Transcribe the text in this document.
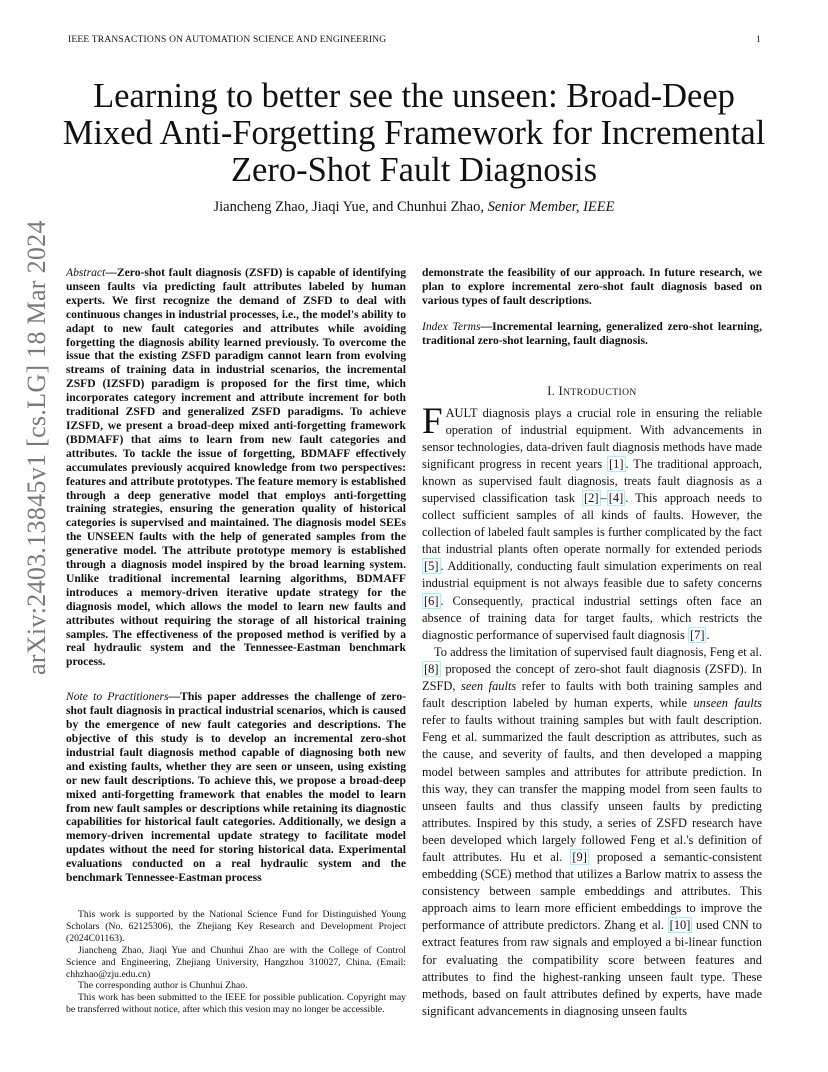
IEEE TRANSACTIONS ON AUTOMATION SCIENCE AND ENGINEERING	1
Learning to better see the unseen: Broad-Deep Mixed Anti-Forgetting Framework for Incremental Zero-Shot Fault Diagnosis
Jiancheng Zhao, Jiaqi Yue, and Chunhui Zhao, Senior Member, IEEE
arXiv:2403.13845v1 [cs.LG] 18 Mar 2024 Abstract—Zero-shot fault diagnosis (ZSFD) is capable of identifying unseen faults via predicting fault attributes labeled by human experts. We first recognize the demand of ZSFD to deal with continuous changes in industrial processes, i.e., the model's ability to adapt to new fault categories and attributes while avoiding forgetting the diagnosis ability learned previously. To overcome the issue that the existing ZSFD paradigm cannot learn from evolving streams of training data in industrial scenarios, the incremental ZSFD (IZSFD) paradigm is proposed for the first time, which incorporates category increment and attribute increment for both traditional ZSFD and generalized ZSFD paradigms. To achieve IZSFD, we present a broad-deep mixed anti-forgetting framework (BDMAFF) that aims to learn from new fault categories and attributes. To tackle the issue of forgetting, BDMAFF effectively accumulates previously acquired knowledge from two perspectives: features and attribute prototypes. The feature memory is established through a deep generative model that employs anti-forgetting training strategies, ensuring the generation quality of historical categories is supervised and maintained. The diagnosis model SEEs the UNSEEN faults with the help of generated samples from the generative model. The attribute prototype memory is established through a diagnosis model inspired by the broad learning system. Unlike traditional incremental learning algorithms, BDMAFF introduces a memory-driven iterative update strategy for the diagnosis model, which allows the model to learn new faults and attributes without requiring the storage of all historical training samples. The effectiveness of the proposed method is verified by a real hydraulic system and the Tennessee-Eastman benchmark process.

Note to Practitioners—This paper addresses the challenge of zero-shot fault diagnosis in practical industrial scenarios, which is caused by the emergence of new fault categories and descriptions. The objective of this study is to develop an incremental zero-shot industrial fault diagnosis method capable of diagnosing both new and existing faults, whether they are seen or unseen, using existing or new fault descriptions. To achieve this, we propose a broad-deep mixed anti-forgetting framework that enables the model to learn from new fault samples or descriptions while retaining its diagnostic capabilities for historical fault categories. Additionally, we design a memory-driven incremental update strategy to facilitate model updates without the need for storing historical data. Experimental evaluations conducted on a real hydraulic system and the benchmark Tennessee-Eastman process

This work is supported by the National Science Fund for Distinguished Young Scholars (No. 62125306), the Zhejiang Key Research and Development Project (2024C01163).

Jiancheng Zhao, Jiaqi Yue and Chunhui Zhao are with the College of Control Science and Engineering, Zhejiang University, Hangzhou 310027, China. (Email: chhzhao@zju.edu.cn)

The corresponding author is Chunhui Zhao.

This work has been submitted to the IEEE for possible publication. Copyright may be transferred without notice, after which this vesion may no longer be accessible.

demonstrate the feasibility of our approach. In future research, we plan to explore incremental zero-shot fault diagnosis based on various types of fault descriptions.

Index Terms—Incremental learning, generalized zero-shot learning, traditional zero-shot learning, fault diagnosis.

I. INTRODUCTION

FAULT diagnosis plays a crucial role in ensuring the reliable operation of industrial equipment. With advancements in sensor technologies, data-driven fault diagnosis methods have made significant progress in recent years [1] . The traditional approach, known as supervised fault diagnosis, treats fault diagnosis as a supervised classification task [2] – [4] . This approach needs to collect sufficient samples of all kinds of faults. However, the collection of labeled fault samples is further complicated by the fact that industrial plants often operate normally for extended periods [5] . Additionally, conducting fault simulation experiments on real industrial equipment is not always feasible due to safety concerns [6] . Consequently, practical industrial settings often face an absence of training data for target faults, which restricts the diagnostic performance of supervised fault diagnosis [7] .

To address the limitation of supervised fault diagnosis, Feng et al. [8] proposed the concept of zero-shot fault diagnosis (ZSFD). In ZSFD, seen faults refer to faults with both training samples and fault description labeled by human experts, while unseen faults refer to faults without training samples but with fault description. Feng et al. summarized the fault description as attributes, such as the cause, and severity of faults, and then developed a mapping model between samples and attributes for attribute prediction. In this way, they can transfer the mapping model from seen faults to unseen faults and thus classify unseen faults by predicting attributes. Inspired by this study, a series of ZSFD research have been developed which largely followed Feng et al.'s definition of fault attributes. Hu et al. [9] proposed a semantic-consistent embedding (SCE) method that utilizes a Barlow matrix to assess the consistency between sample embeddings and attributes. This approach aims to learn more efficient embeddings to improve the performance of attribute predictors. Zhang et al. [10] used CNN to extract features from raw signals and employed a bi-linear function for evaluating the compatibility score between features and attributes to find the highest-ranking unseen fault type. These methods, based on fault attributes defined by experts, have made significant advancements in diagnosing unseen faults
